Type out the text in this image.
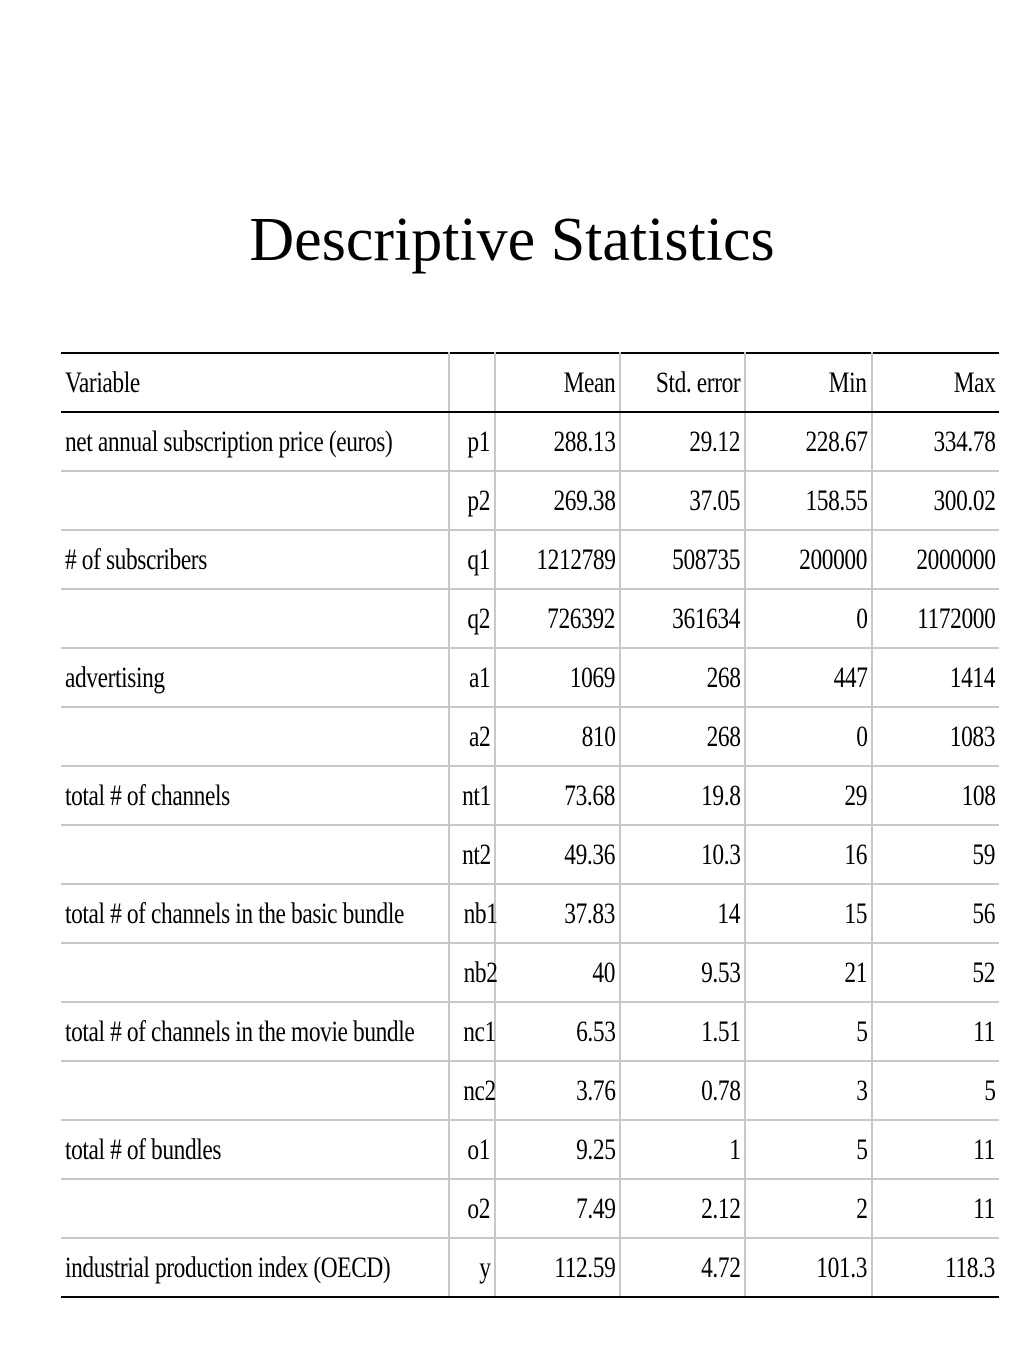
Descriptive Statistics
Variable		Mean	Std. error	Min	Max
net annual subscription price (euros)	p1	288.13	29.12	228.67	334.78
	p2	269.38	37.05	158.55	300.02
# of subscribers	q1	1212789	508735	200000	2000000
	q2	726392	361634	0	1172000
advertising	a1	1069	268	447	1414
	a2	810	268	0	1083
total # of channels	nt1	73.68	19.8	29	108
	nt2	49.36	10.3	16	59
total # of channels in the basic bundle	nb1	37.83	14	15	56
	nb2	40	9.53	21	52
total # of channels in the movie bundle	nc1	6.53	1.51	5	11
	nc2	3.76	0.78	3	5
total # of bundles	o1	9.25	1	5	11
	o2	7.49	2.12	2	11
industrial production index (OECD)	y	112.59	4.72	101.3	118.3
